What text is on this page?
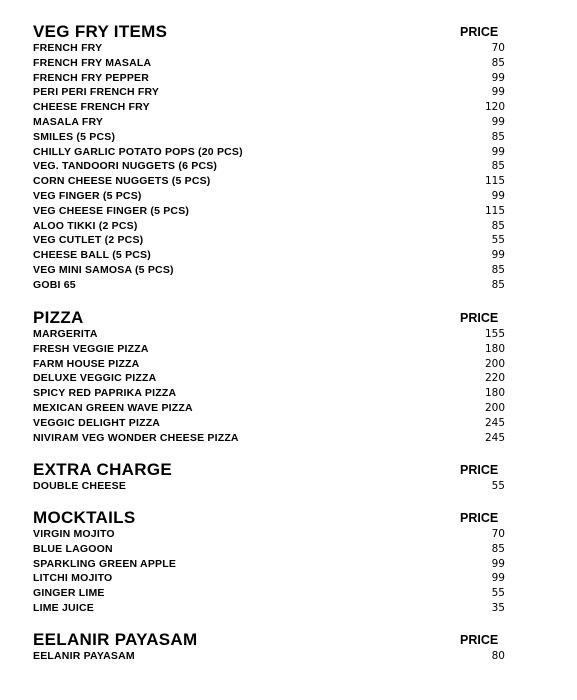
VEG FRY ITEMS	PRICE
FRENCH FRY	70
FRENCH FRY MASALA	85
FRENCH FRY PEPPER	99
PERI PERI FRENCH FRY	99
CHEESE FRENCH FRY	120
MASALA FRY	99
SMILES (5 PCS)	85
CHILLY GARLIC POTATO POPS (20 PCS)	99
VEG. TANDOORI NUGGETS (6 PCS)	85
CORN CHEESE NUGGETS (5 PCS)	115
VEG FINGER (5 PCS)	99
VEG CHEESE FINGER (5 PCS)	115
ALOO TIKKI (2 PCS)	85
VEG CUTLET (2 PCS)	55
CHEESE BALL (5 PCS)	99
VEG MINI SAMOSA (5 PCS)	85
GOBI 65	85
PIZZA	PRICE
MARGERITA	155
FRESH VEGGIE PIZZA	180
FARM HOUSE PIZZA	200
DELUXE VEGGIC PIZZA	220
SPICY RED PAPRIKA PIZZA	180
MEXICAN GREEN WAVE PIZZA	200
VEGGIC DELIGHT PIZZA	245
NIVIRAM VEG WONDER CHEESE PIZZA	245
EXTRA CHARGE	PRICE
DOUBLE CHEESE	55
MOCKTAILS	PRICE
VIRGIN MOJITO	70
BLUE LAGOON	85
SPARKLING GREEN APPLE	99
LITCHI MOJITO	99
GINGER LIME	55
LIME JUICE	35
EELANIR PAYASAM	PRICE
EELANIR PAYASAM	80
